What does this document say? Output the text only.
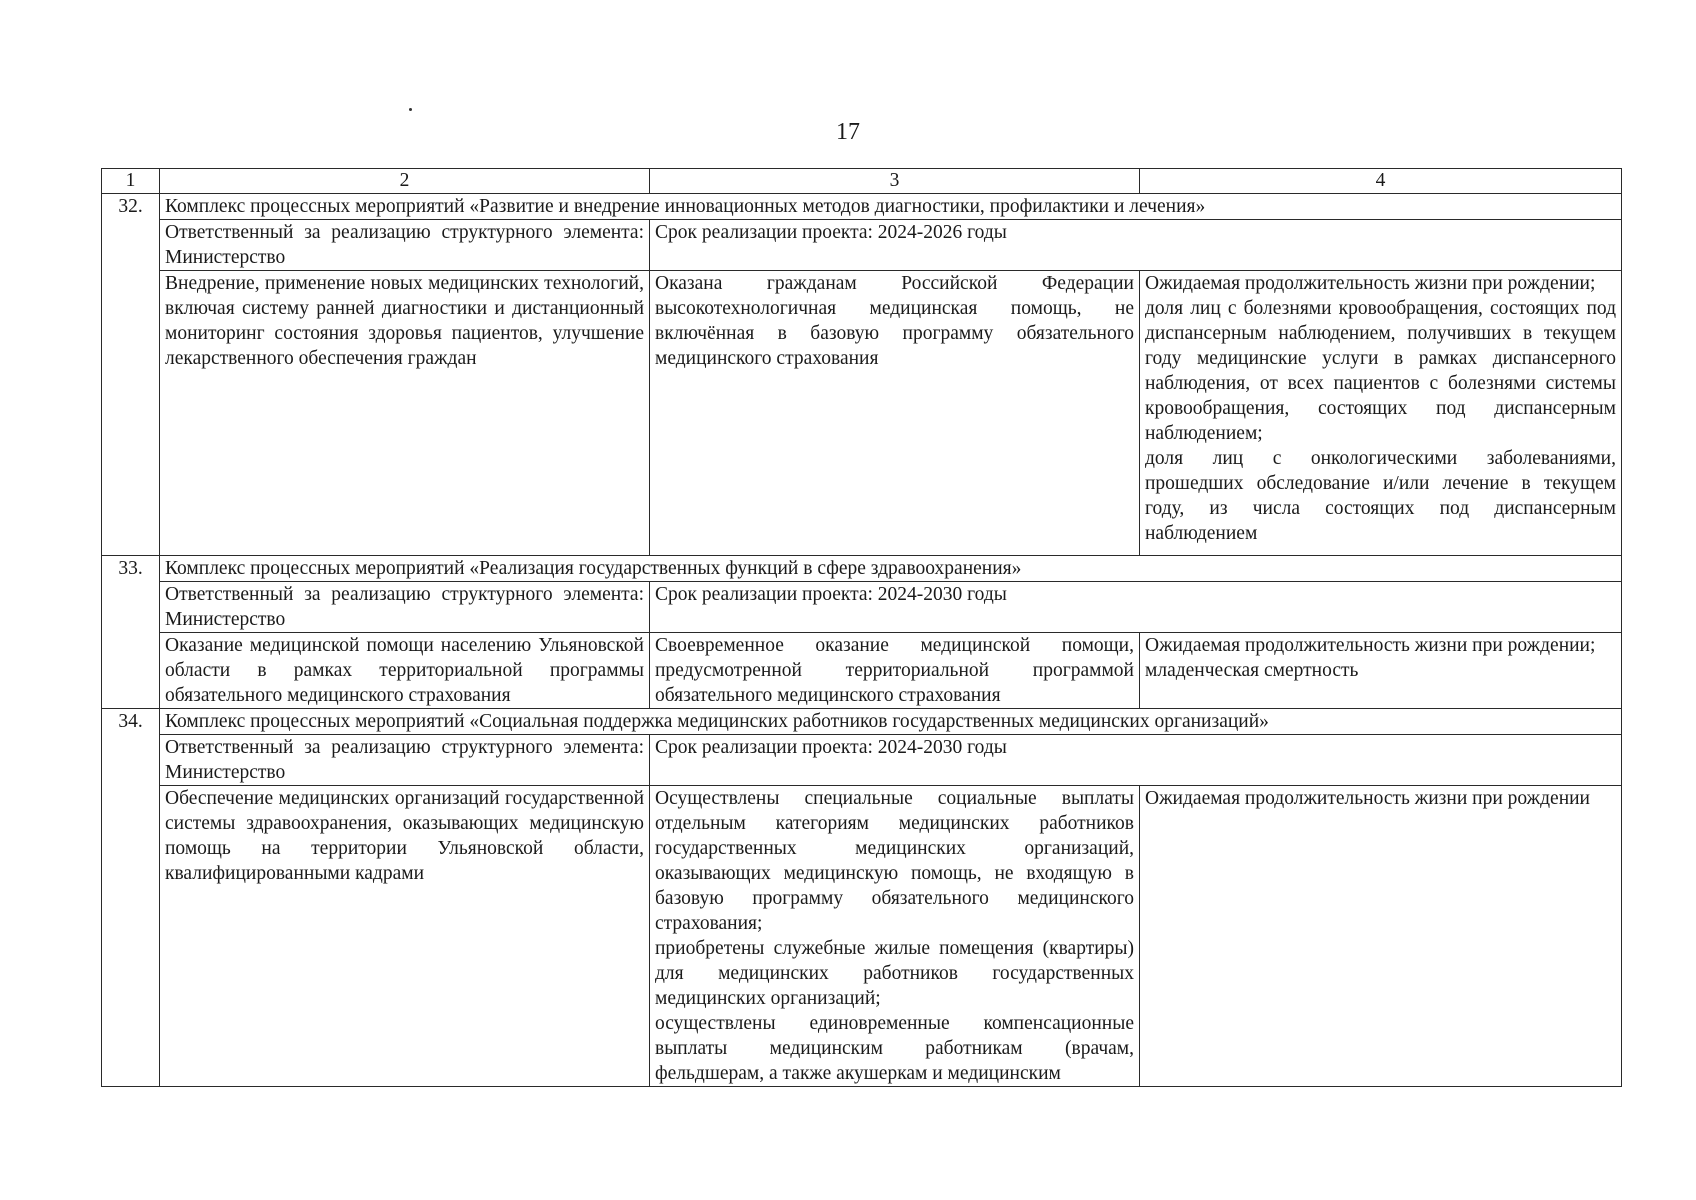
17
1	2	3	4
32.	Комплекс процессных мероприятий «Развитие и внедрение инновационных методов диагностики, профилактики и лечения»		
	Ответственный за реализацию структурного элемента: Министерство	Срок реализации проекта: 2024-2026 годы	
	Внедрение, применение новых медицинских технологий, включая систему ранней диагностики и дистанционный мониторинг состояния здоровья пациентов, улучшение лекарственного обеспечения граждан	Оказана гражданам Российской Федерации высокотехнологичная медицинская помощь, не включённая в базовую программу обязательного медицинского страхования	Ожидаемая продолжительность жизни при рождении;
доля лиц с болезнями кровообращения, состоящих под диспансерным наблюдением, получивших в текущем году медицинские услуги в рамках диспансерного наблюдения, от всех пациентов с болезнями системы кровообращения, состоящих под диспансерным наблюдением;
доля лиц с онкологическими заболеваниями, прошедших обследование и/или лечение в текущем году, из числа состоящих под диспансерным наблюдением

33.	Комплекс процессных мероприятий «Реализация государственных функций в сфере здравоохранения»		
	Ответственный за реализацию структурного элемента: Министерство	Срок реализации проекта: 2024-2030 годы	
	Оказание медицинской помощи населению Ульяновской области в рамках территориальной программы обязательного медицинского страхования	Своевременное оказание медицинской помощи, предусмотренной территориальной программой обязательного медицинского страхования	Ожидаемая продолжительность жизни при рождении;
младенческая смертность

34.	Комплекс процессных мероприятий «Социальная поддержка медицинских работников государственных медицинских организаций»		
	Ответственный за реализацию структурного элемента: Министерство	Срок реализации проекта: 2024-2030 годы	
	Обеспечение медицинских организаций государственной системы здравоохранения, оказывающих медицинскую помощь на территории Ульяновской области, квалифицированными кадрами	Осуществлены специальные социальные выплаты отдельным категориям медицинских работников государственных медицинских организаций, оказывающих медицинскую помощь, не входящую в базовую программу обязательного медицинского страхования;
приобретены служебные жилые помещения (квартиры) для медицинских работников государственных медицинских организаций;
осуществлены единовременные компенсационные выплаты медицинским работникам (врачам, фельдшерам, а также акушеркам и медицинским	Ожидаемая продолжительность жизни при рождении
